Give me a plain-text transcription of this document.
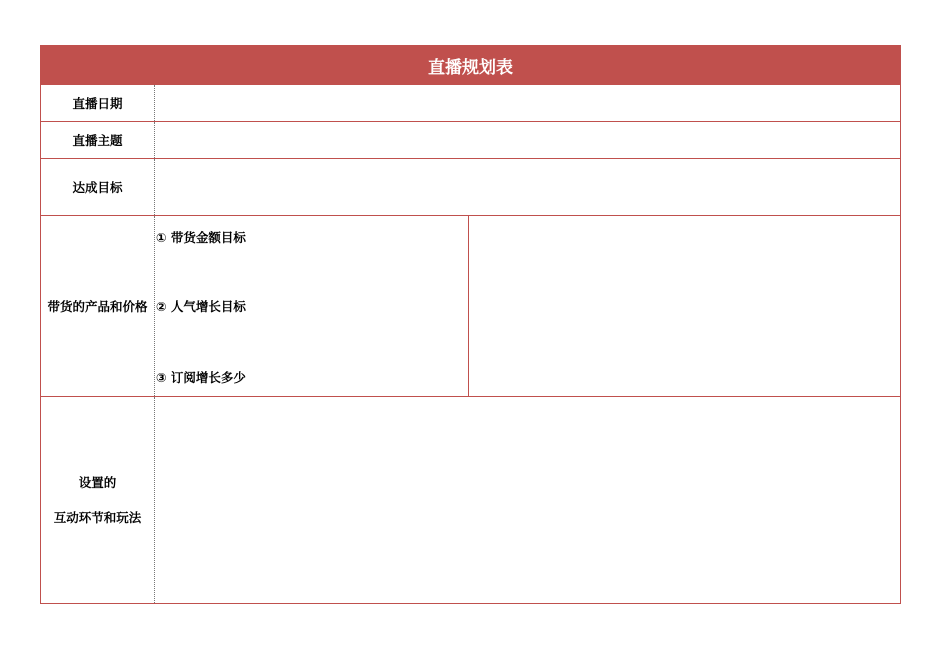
直播规划表
直播日期
直播主题
达成目标
带货的产品和价格
① 带货金额目标
② 人气增长目标
③ 订阅增长多少
设置的
互动环节和玩法
